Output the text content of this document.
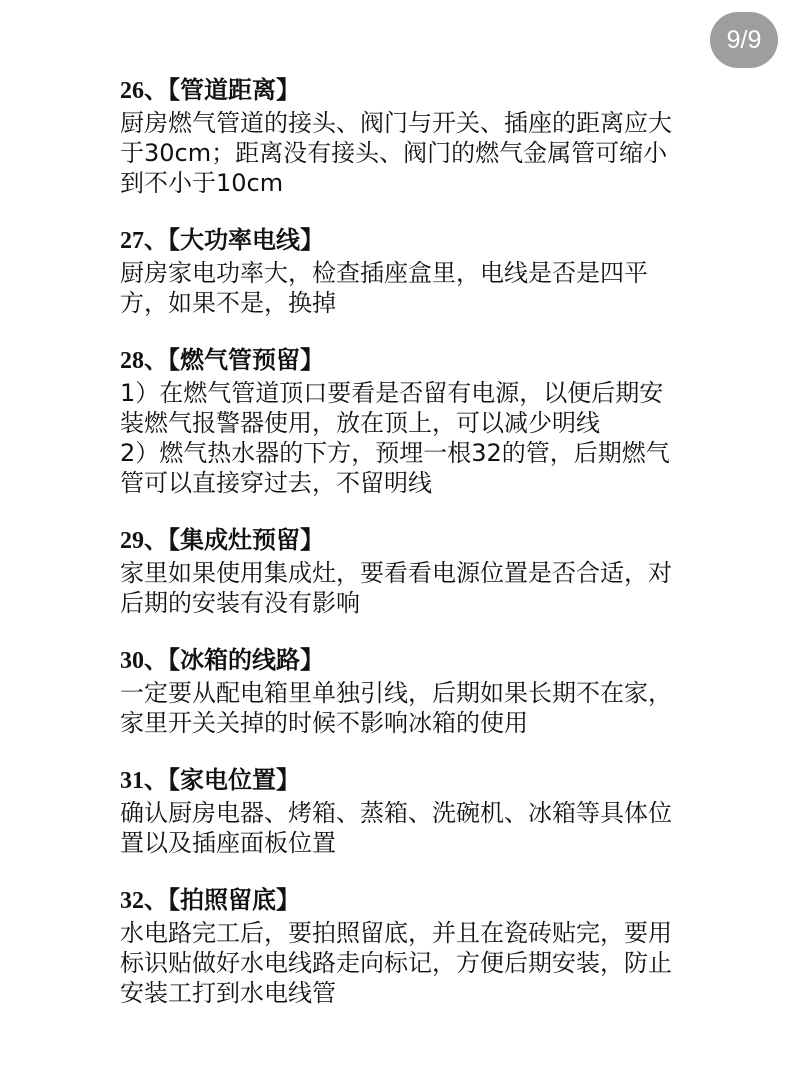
9/9
26、【管道距离】
厨房燃气管道的接头、阀门与开关、插座的距离应大
于30cm；距离没有接头、阀门的燃气金属管可缩小
到不小于10cm
27、【大功率电线】
厨房家电功率大，检查插座盒里，电线是否是四平
方，如果不是，换掉
28、【燃气管预留】
1）在燃气管道顶口要看是否留有电源，以便后期安
装燃气报警器使用，放在顶上，可以减少明线
2）燃气热水器的下方，预埋一根32的管，后期燃气
管可以直接穿过去，不留明线
29、【集成灶预留】
家里如果使用集成灶，要看看电源位置是否合适，对
后期的安装有没有影响
30、【冰箱的线路】
一定要从配电箱里单独引线，后期如果长期不在家，
家里开关关掉的时候不影响冰箱的使用
31、【家电位置】
确认厨房电器、烤箱、蒸箱、洗碗机、冰箱等具体位
置以及插座面板位置
32、【拍照留底】
水电路完工后，要拍照留底，并且在瓷砖贴完，要用
标识贴做好水电线路走向标记，方便后期安装，防止
安装工打到水电线管
